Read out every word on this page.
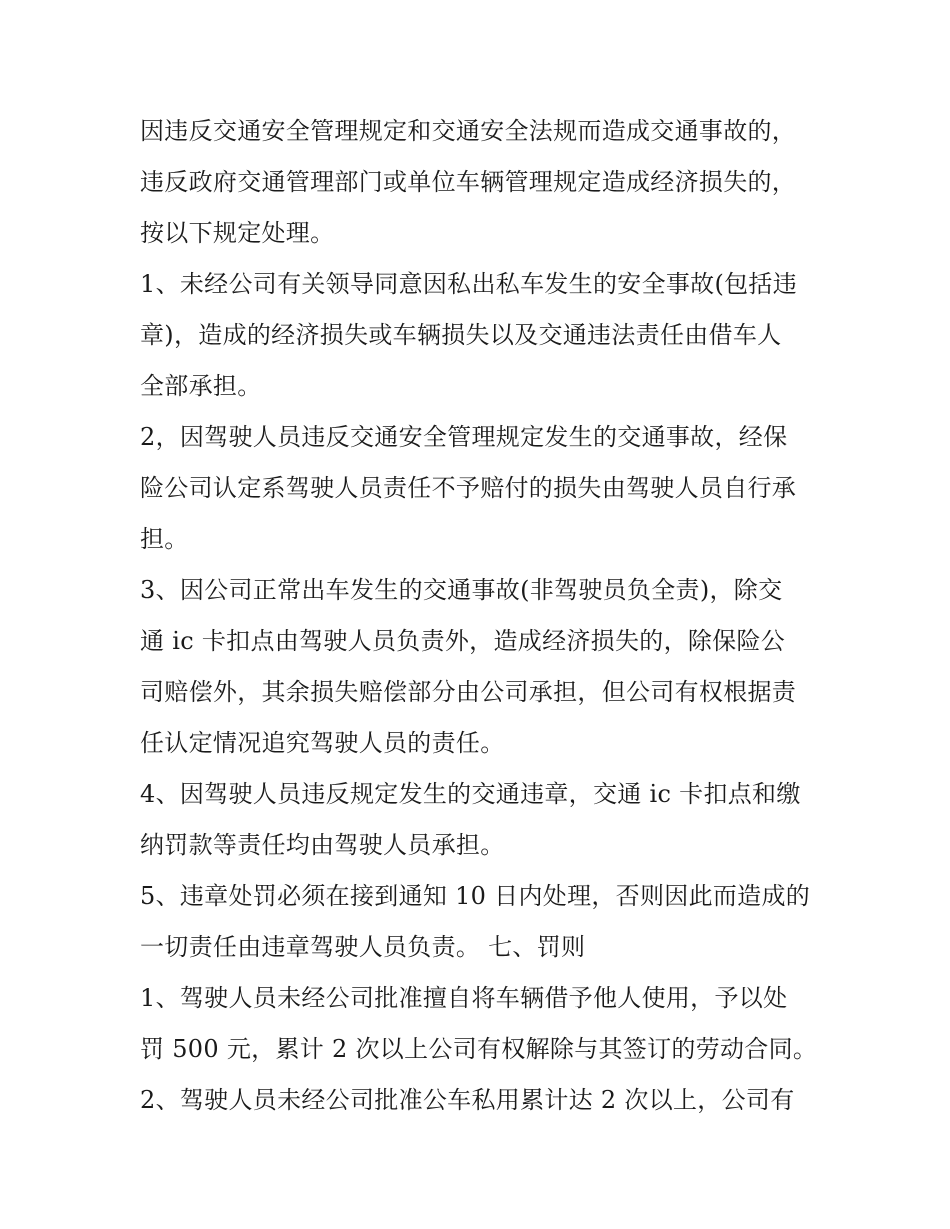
因违反交通安全管理规定和交通安全法规而造成交通事故的，
违反政府交通管理部门或单位车辆管理规定造成经济损失的，
按以下规定处理。
1、未经公司有关领导同意因私出私车发生的安全事故(包括违
章)，造成的经济损失或车辆损失以及交通违法责任由借车人
全部承担。
2，因驾驶人员违反交通安全管理规定发生的交通事故，经保
险公司认定系驾驶人员责任不予赔付的损失由驾驶人员自行承
担。
3、因公司正常出车发生的交通事故(非驾驶员负全责)，除交
通 ic 卡扣点由驾驶人员负责外，造成经济损失的，除保险公
司赔偿外，其余损失赔偿部分由公司承担，但公司有权根据责
任认定情况追究驾驶人员的责任。
4、因驾驶人员违反规定发生的交通违章，交通 ic 卡扣点和缴
纳罚款等责任均由驾驶人员承担。
5、违章处罚必须在接到通知 10 日内处理，否则因此而造成的
一切责任由违章驾驶人员负责。 七、罚则
1、驾驶人员未经公司批准擅自将车辆借予他人使用，予以处
罚 500 元，累计 2 次以上公司有权解除与其签订的劳动合同。
2、驾驶人员未经公司批准公车私用累计达 2 次以上，公司有
